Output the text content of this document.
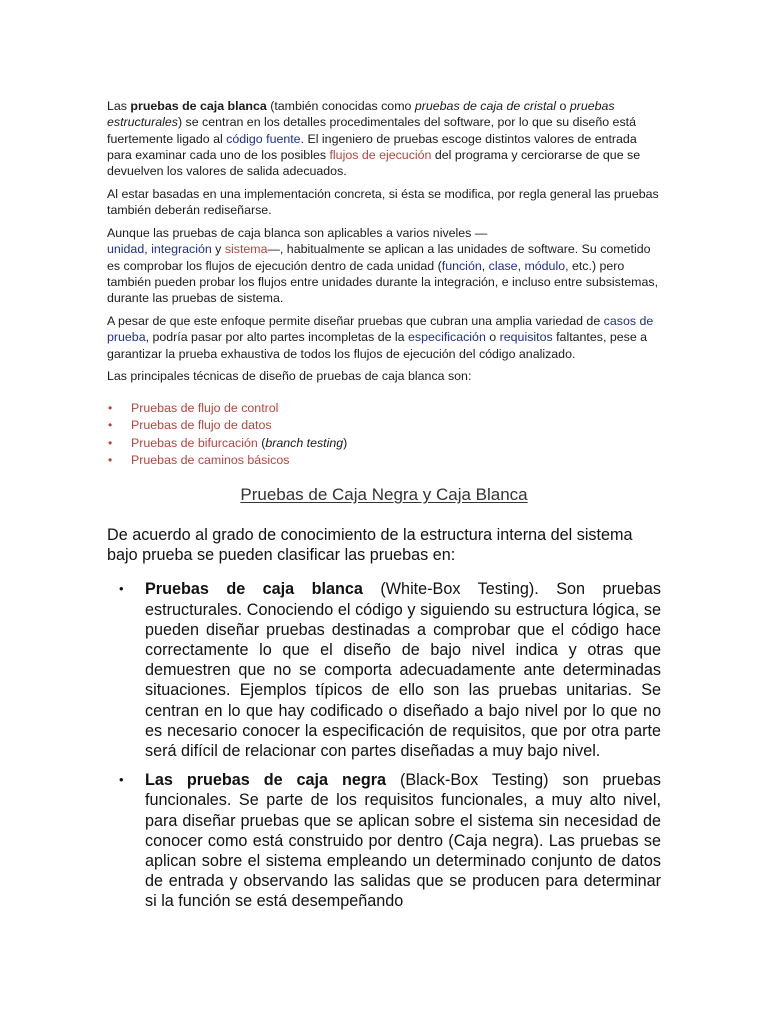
Las pruebas de caja blanca (también conocidas como pruebas de caja de cristal o pruebas estructurales) se centran en los detalles procedimentales del software, por lo que su diseño está fuertemente ligado al código fuente. El ingeniero de pruebas escoge distintos valores de entrada para examinar cada uno de los posibles flujos de ejecución del programa y cerciorarse de que se devuelven los valores de salida adecuados.

Al estar basadas en una implementación concreta, si ésta se modifica, por regla general las pruebas también deberán rediseñarse.

Aunque las pruebas de caja blanca son aplicables a varios niveles —
unidad, integración y sistema—, habitualmente se aplican a las unidades de software. Su cometido es comprobar los flujos de ejecución dentro de cada unidad (función, clase, módulo, etc.) pero también pueden probar los flujos entre unidades durante la integración, e incluso entre subsistemas, durante las pruebas de sistema.

A pesar de que este enfoque permite diseñar pruebas que cubran una amplia variedad de casos de prueba, podría pasar por alto partes incompletas de la especificación o requisitos faltantes, pese a garantizar la prueba exhaustiva de todos los flujos de ejecución del código analizado.

Las principales técnicas de diseño de pruebas de caja blanca son:

• Pruebas de flujo de control
• Pruebas de flujo de datos
• Pruebas de bifurcación (branch testing)
• Pruebas de caminos básicos
Pruebas de Caja Negra y Caja Blanca

De acuerdo al grado de conocimiento de la estructura interna del sistema bajo prueba se pueden clasificar las pruebas en:

• Pruebas de caja blanca (White-Box Testing). Son pruebas estructurales. Conociendo el código y siguiendo su estructura lógica, se pueden diseñar pruebas destinadas a comprobar que el código hace correctamente lo que el diseño de bajo nivel indica y otras que demuestren que no se comporta adecuadamente ante determinadas situaciones. Ejemplos típicos de ello son las pruebas unitarias. Se centran en lo que hay codificado o diseñado a bajo nivel por lo que no es necesario conocer la especificación de requisitos, que por otra parte será difícil de relacionar con partes diseñadas a muy bajo nivel.
• Las pruebas de caja negra (Black-Box Testing) son pruebas funcionales. Se parte de los requisitos funcionales, a muy alto nivel, para diseñar pruebas que se aplican sobre el sistema sin necesidad de conocer como está construido por dentro (Caja negra). Las pruebas se aplican sobre el sistema empleando un determinado conjunto de datos de entrada y observando las salidas que se producen para determinar si la función se está desempeñando
